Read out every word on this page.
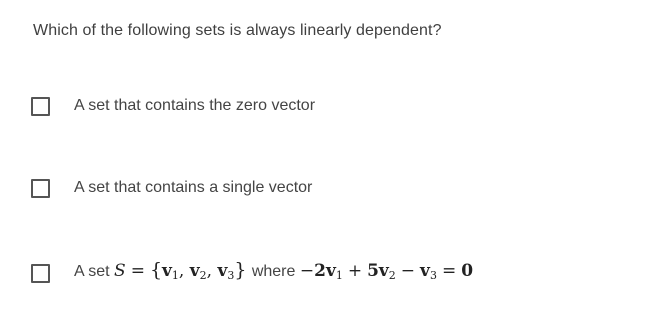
Which of the following sets is always linearly dependent?
A set that contains the zero vector
A set that contains a single vector
A set $S = \{v_1$, $v_2$, $v_3$} where $-2v_1 + 5v_2 - v_3 = 0$
